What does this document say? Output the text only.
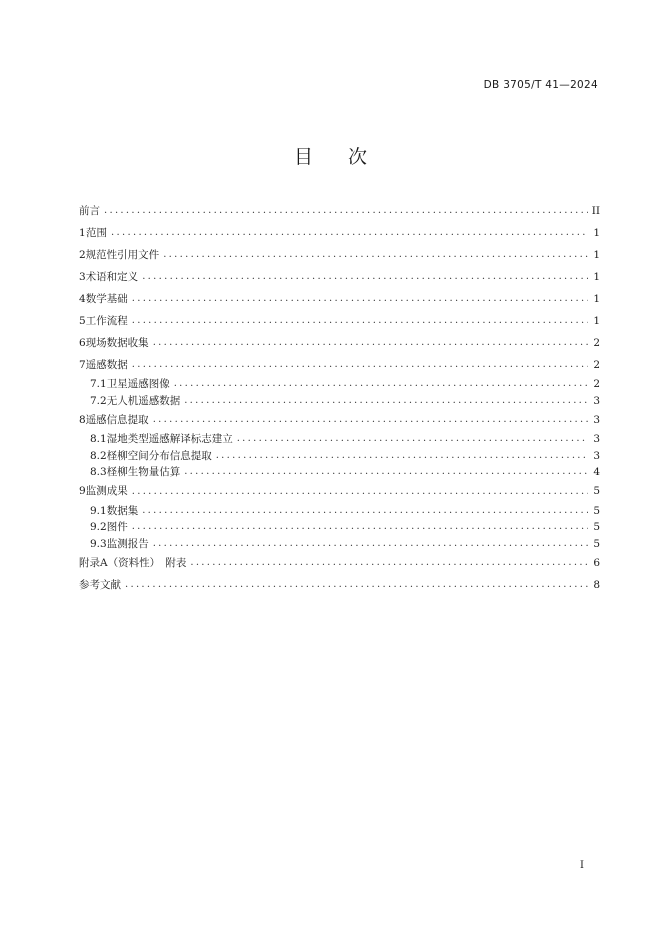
DB 3705/T 41—2024
目 次
前言 .....	II
1 范围 .....	1
2 规范性引用文件 .....	1
3 术语和定义 .....	1
4 数学基础 .....	1
5 工作流程 .....	1
6 现场数据收集 .....	2
7 遥感数据 .....	2
7.1 卫星遥感图像 .....	2
7.2 无人机遥感数据 .....	3
8 遥感信息提取 .....	3
8.1 湿地类型遥感解译标志建立 .....	3
8.2 柽柳空间分布信息提取 .....	3
8.3 柽柳生物量估算 .....	4
9 监测成果 .....	5
9.1 数据集 .....	5
9.2 图件 .....	5
9.3 监测报告 .....	5
附录A（资料性）　附表 .....	6
参考文献 .....	8
I
